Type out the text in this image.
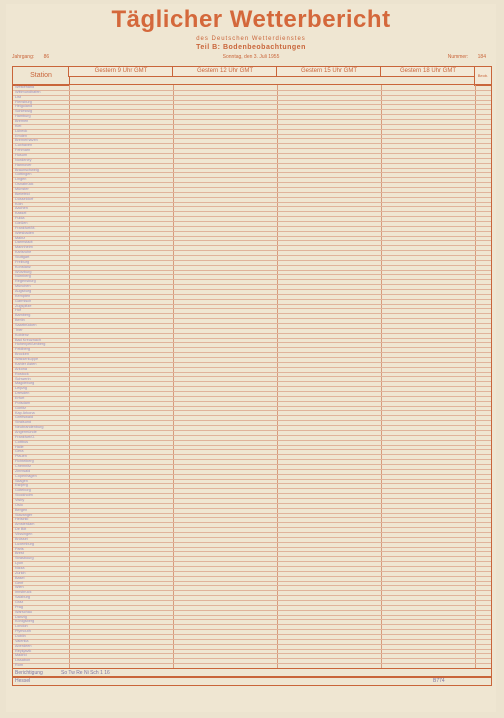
Täglicher Wetterbericht
des Deutschen Wetterdienstes
Teil B: Bodenbeobachtungen
Jahrgang: 86	Sonntag, den 3. Juli 1955	Nummer: 184
Station
Gestern 9 Uhr GMT	Gestern 12 Uhr GMT	Gestern 15 Uhr GMT	Gestern 18 Uhr GMT
Beob.
Westerland
Wittmundhafen
List
Flensburg
Helgoland
Schleswig
Hamburg
Bremen
Kiel
Lübeck
Emden
Bremerhaven
Cuxhaven
Fehmarn
Husum
Nordeney
Hannover
Braunschweig
Göttingen
Lingen
Osnabrück
Münster
Bielefeld
Düsseldorf
Köln
Aachen
Kassel
Fulda
Gießen
Frankfurt/M.
Wiesbaden
Mainz
Darmstadt
Mannheim
Karlsruhe
Stuttgart
Freiburg
Konstanz
Würzburg
Nürnberg
Regensburg
München
Augsburg
Kempten
Garmisch
Zugspitze
Hof
Bamberg
Berlin
Saarbrücken
Trier
Koblenz
Bad Kreuznach
Hohenpeißenberg
Feldberg
Brocken
Wasserkuppe
Kahler Asten
Arkona
Rostock
Schwerin
Magdeburg
Leipzig
Dresden
Erfurt
Potsdam
Görlitz
Kap Arkona
Greifswald
Stralsund
Neubrandenburg
Angermünde
Frankfurt/O.
Cottbus
Halle
Gera
Plauen
Fichtelberg
Chemnitz
Zinnwald
Copenhagen
Skagen
Esbjerg
Göteborg
Stockholm
Visby
Oslo
Bergen
Stavanger
Helsinki
Amsterdam
De Bilt
Vlissingen
Brüssel
Luxemburg
Paris
Brest
Strasbourg
Lyon
Nizza
Zürich
Basel
Genf
Wien
Innsbruck
Salzburg
Graz
Prag
Warschau
Danzig
Königsberg
London
Plymouth
Dublin
Valentia
Aberdeen
Reykjavik
Madrid
Lissabon
Rom
Berichtigung	So Tw Re Ni Sch 1 16
Hessel	B774
